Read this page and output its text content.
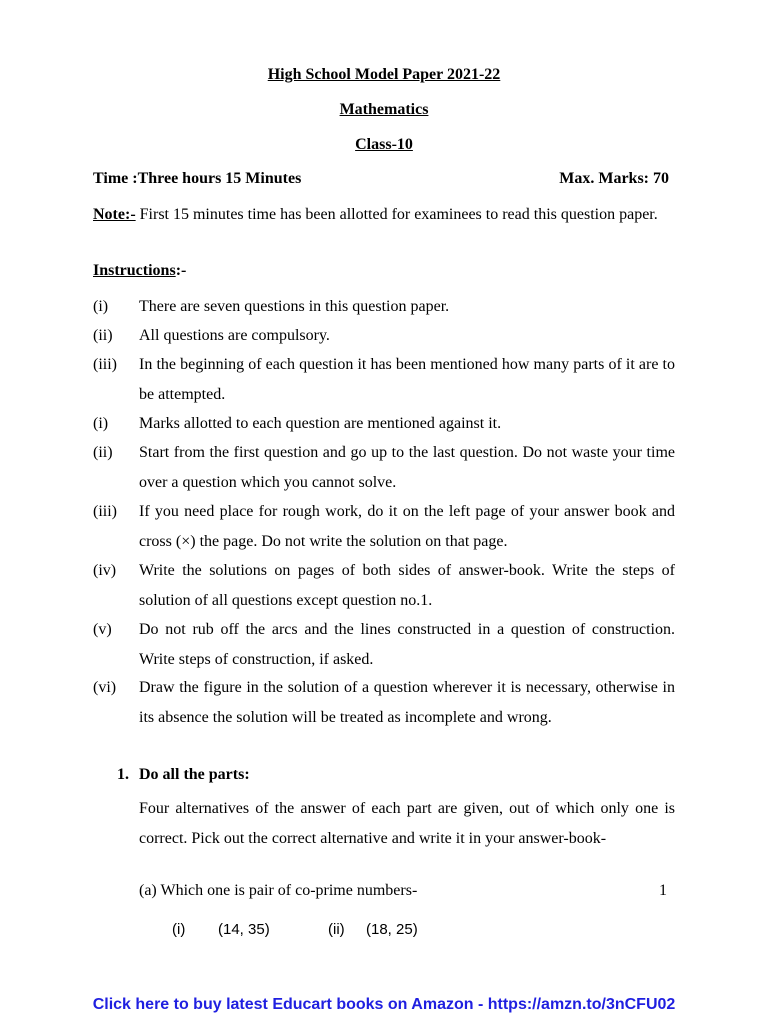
High School Model Paper 2021-22
Mathematics
Class-10
Time :Three hours 15 Minutes	Max. Marks: 70
Note:- First 15 minutes time has been allotted for examinees to read this question paper.
Instructions:-
(i) There are seven questions in this question paper.
(ii) All questions are compulsory.
(iii) In the beginning of each question it has been mentioned how many parts of it are to be attempted.
(i) Marks allotted to each question are mentioned against it.
(ii) Start from the first question and go up to the last question. Do not waste your time over a question which you cannot solve.
(iii) If you need place for rough work, do it on the left page of your answer book and cross (×) the page. Do not write the solution on that page.
(iv) Write the solutions on pages of both sides of answer-book. Write the steps of solution of all questions except question no.1.
(v) Do not rub off the arcs and the lines constructed in a question of construction. Write steps of construction, if asked.
(vi) Draw the figure in the solution of a question wherever it is necessary, otherwise in its absence the solution will be treated as incomplete and wrong.
1. Do all the parts:
Four alternatives of the answer of each part are given, out of which only one is correct. Pick out the correct alternative and write it in your answer-book-
(a) Which one is pair of co-prime numbers-	1
(i) (14, 35)	(ii) (18, 25)
Click here to buy latest Educart books on Amazon - https://amzn.to/3nCFU02
